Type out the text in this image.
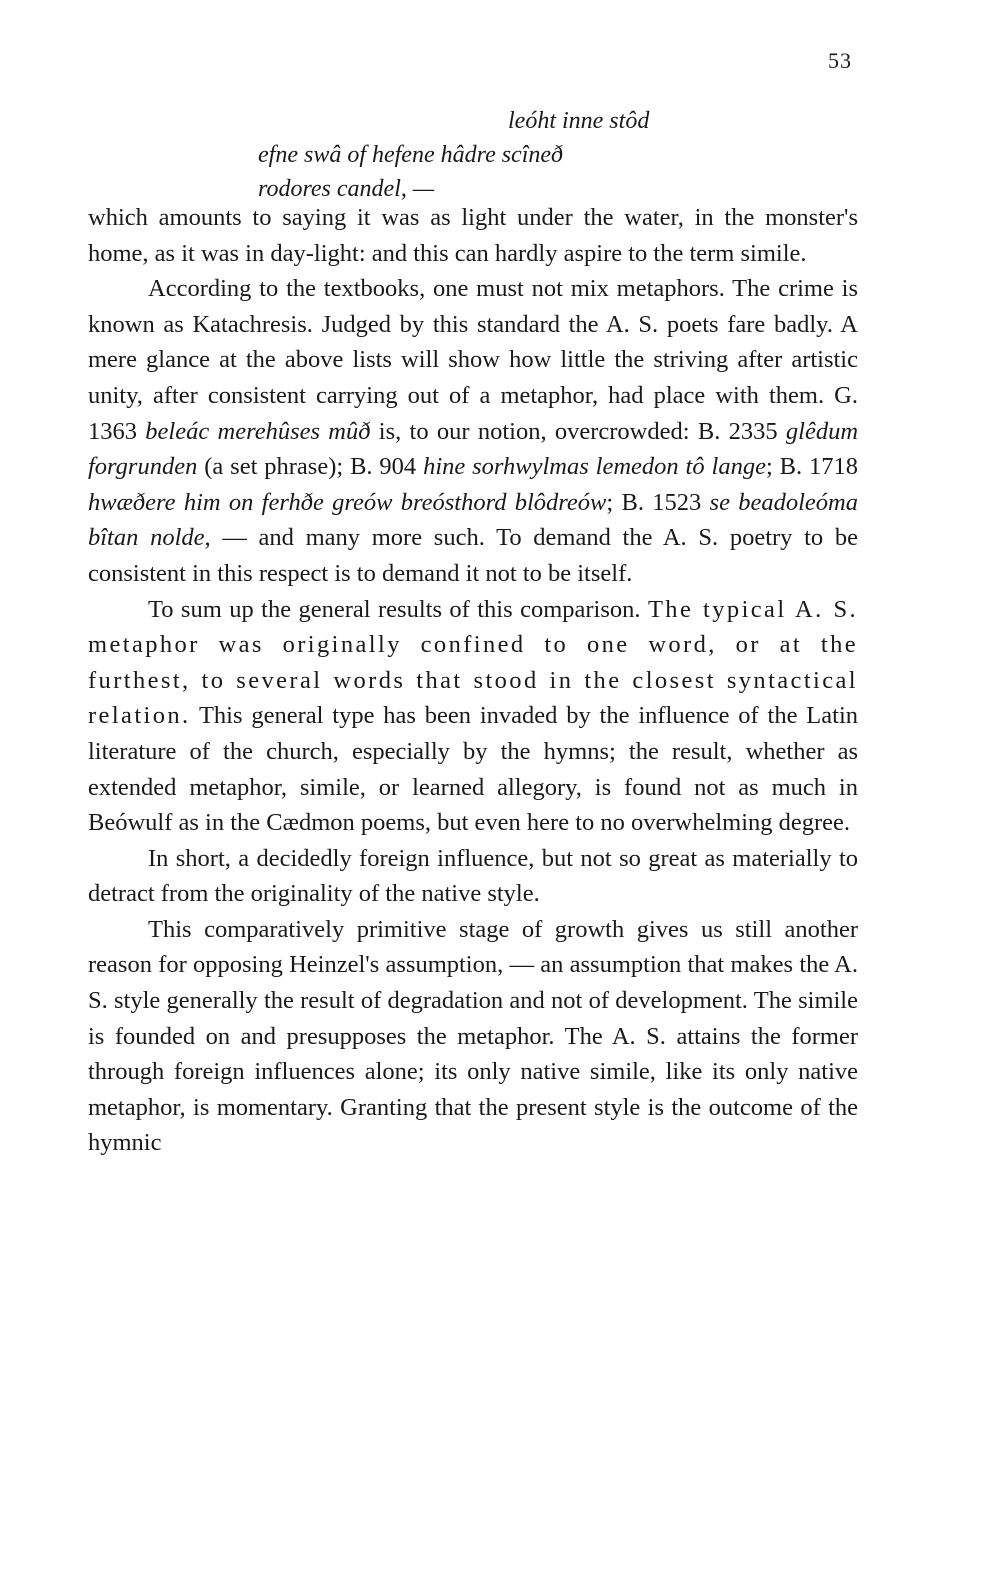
53
leóht inne stôd
efne swâ of hefene hâdre scîneð
rodores candel, —

which amounts to saying it was as light under the water, in the monster's home, as it was in day-light: and this can hardly aspire to the term simile.

According to the textbooks, one must not mix metaphors. The crime is known as Katachresis. Judged by this standard the A. S. poets fare badly. A mere glance at the above lists will show how little the striving after artistic unity, after consistent carrying out of a metaphor, had place with them. G. 1363 beleác merehûses mûð is, to our notion, overcrowded: B. 2335 glêdum forgrunden (a set phrase); B. 904 hine sorhwylmas lemedon tô lange; B. 1718 hwæðere him on ferhðe greów breósthord blôdreów; B. 1523 se beadoleóma bîtan nolde, — and many more such. To demand the A. S. poetry to be consistent in this respect is to demand it not to be itself.

To sum up the general results of this comparison. The typical A. S. metaphor was originally confined to one word, or at the furthest, to several words that stood in the closest syntactical relation. This general type has been invaded by the influence of the Latin literature of the church, especially by the hymns; the result, whether as extended metaphor, simile, or learned allegory, is found not as much in Beówulf as in the Cædmon poems, but even here to no overwhelming degree.

In short, a decidedly foreign influence, but not so great as materially to detract from the originality of the native style.

This comparatively primitive stage of growth gives us still another reason for opposing Heinzel's assumption, — an assumption that makes the A. S. style generally the result of degradation and not of development. The simile is founded on and presupposes the metaphor. The A. S. attains the former through foreign influences alone; its only native simile, like its only native metaphor, is momentary. Granting that the present style is the outcome of the hymnic
